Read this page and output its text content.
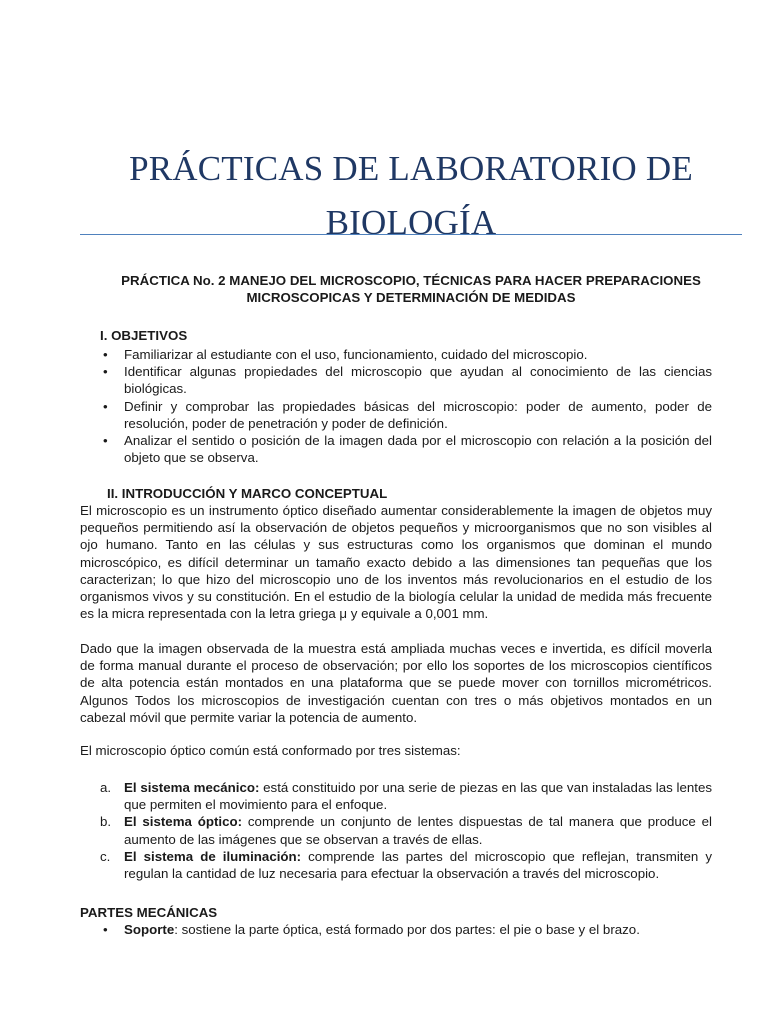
PRÁCTICAS DE LABORATORIO DE
BIOLOGÍA
PRÁCTICA No. 2 MANEJO DEL MICROSCOPIO, TÉCNICAS PARA HACER PREPARACIONES
MICROSCOPICAS Y DETERMINACIÓN DE MEDIDAS
I. OBJETIVOS
• Familiarizar al estudiante con el uso, funcionamiento, cuidado del microscopio.
• Identificar algunas propiedades del microscopio que ayudan al conocimiento de las ciencias biológicas.
• Definir y comprobar las propiedades básicas del microscopio: poder de aumento, poder de resolución, poder de penetración y poder de definición.
• Analizar el sentido o posición de la imagen dada por el microscopio con relación a la posición del objeto que se observa.
II. INTRODUCCIÓN Y MARCO CONCEPTUAL

El microscopio es un instrumento óptico diseñado aumentar considerablemente la imagen de objetos muy pequeños permitiendo así la observación de objetos pequeños y microorganismos que no son visibles al ojo humano. Tanto en las células y sus estructuras como los organismos que dominan el mundo microscópico, es difícil determinar un tamaño exacto debido a las dimensiones tan pequeñas que los caracterizan; lo que hizo del microscopio uno de los inventos más revolucionarios en el estudio de los organismos vivos y su constitución. En el estudio de la biología celular la unidad de medida más frecuente es la micra representada con la letra griega μ y equivale a 0,001 mm.

Dado que la imagen observada de la muestra está ampliada muchas veces e invertida, es difícil moverla de forma manual durante el proceso de observación; por ello los soportes de los microscopios científicos de alta potencia están montados en una plataforma que se puede mover con tornillos micrométricos. Algunos Todos los microscopios de investigación cuentan con tres o más objetivos montados en un cabezal móvil que permite variar la potencia de aumento.

El microscopio óptico común está conformado por tres sistemas:

a. El sistema mecánico: está constituido por una serie de piezas en las que van instaladas las lentes que permiten el movimiento para el enfoque.
b. El sistema óptico: comprende un conjunto de lentes dispuestas de tal manera que produce el aumento de las imágenes que se observan a través de ellas.
c. El sistema de iluminación: comprende las partes del microscopio que reflejan, transmiten y regulan la cantidad de luz necesaria para efectuar la observación a través del microscopio.
PARTES MECÁNICAS
• Soporte: sostiene la parte óptica, está formado por dos partes: el pie o base y el brazo.
